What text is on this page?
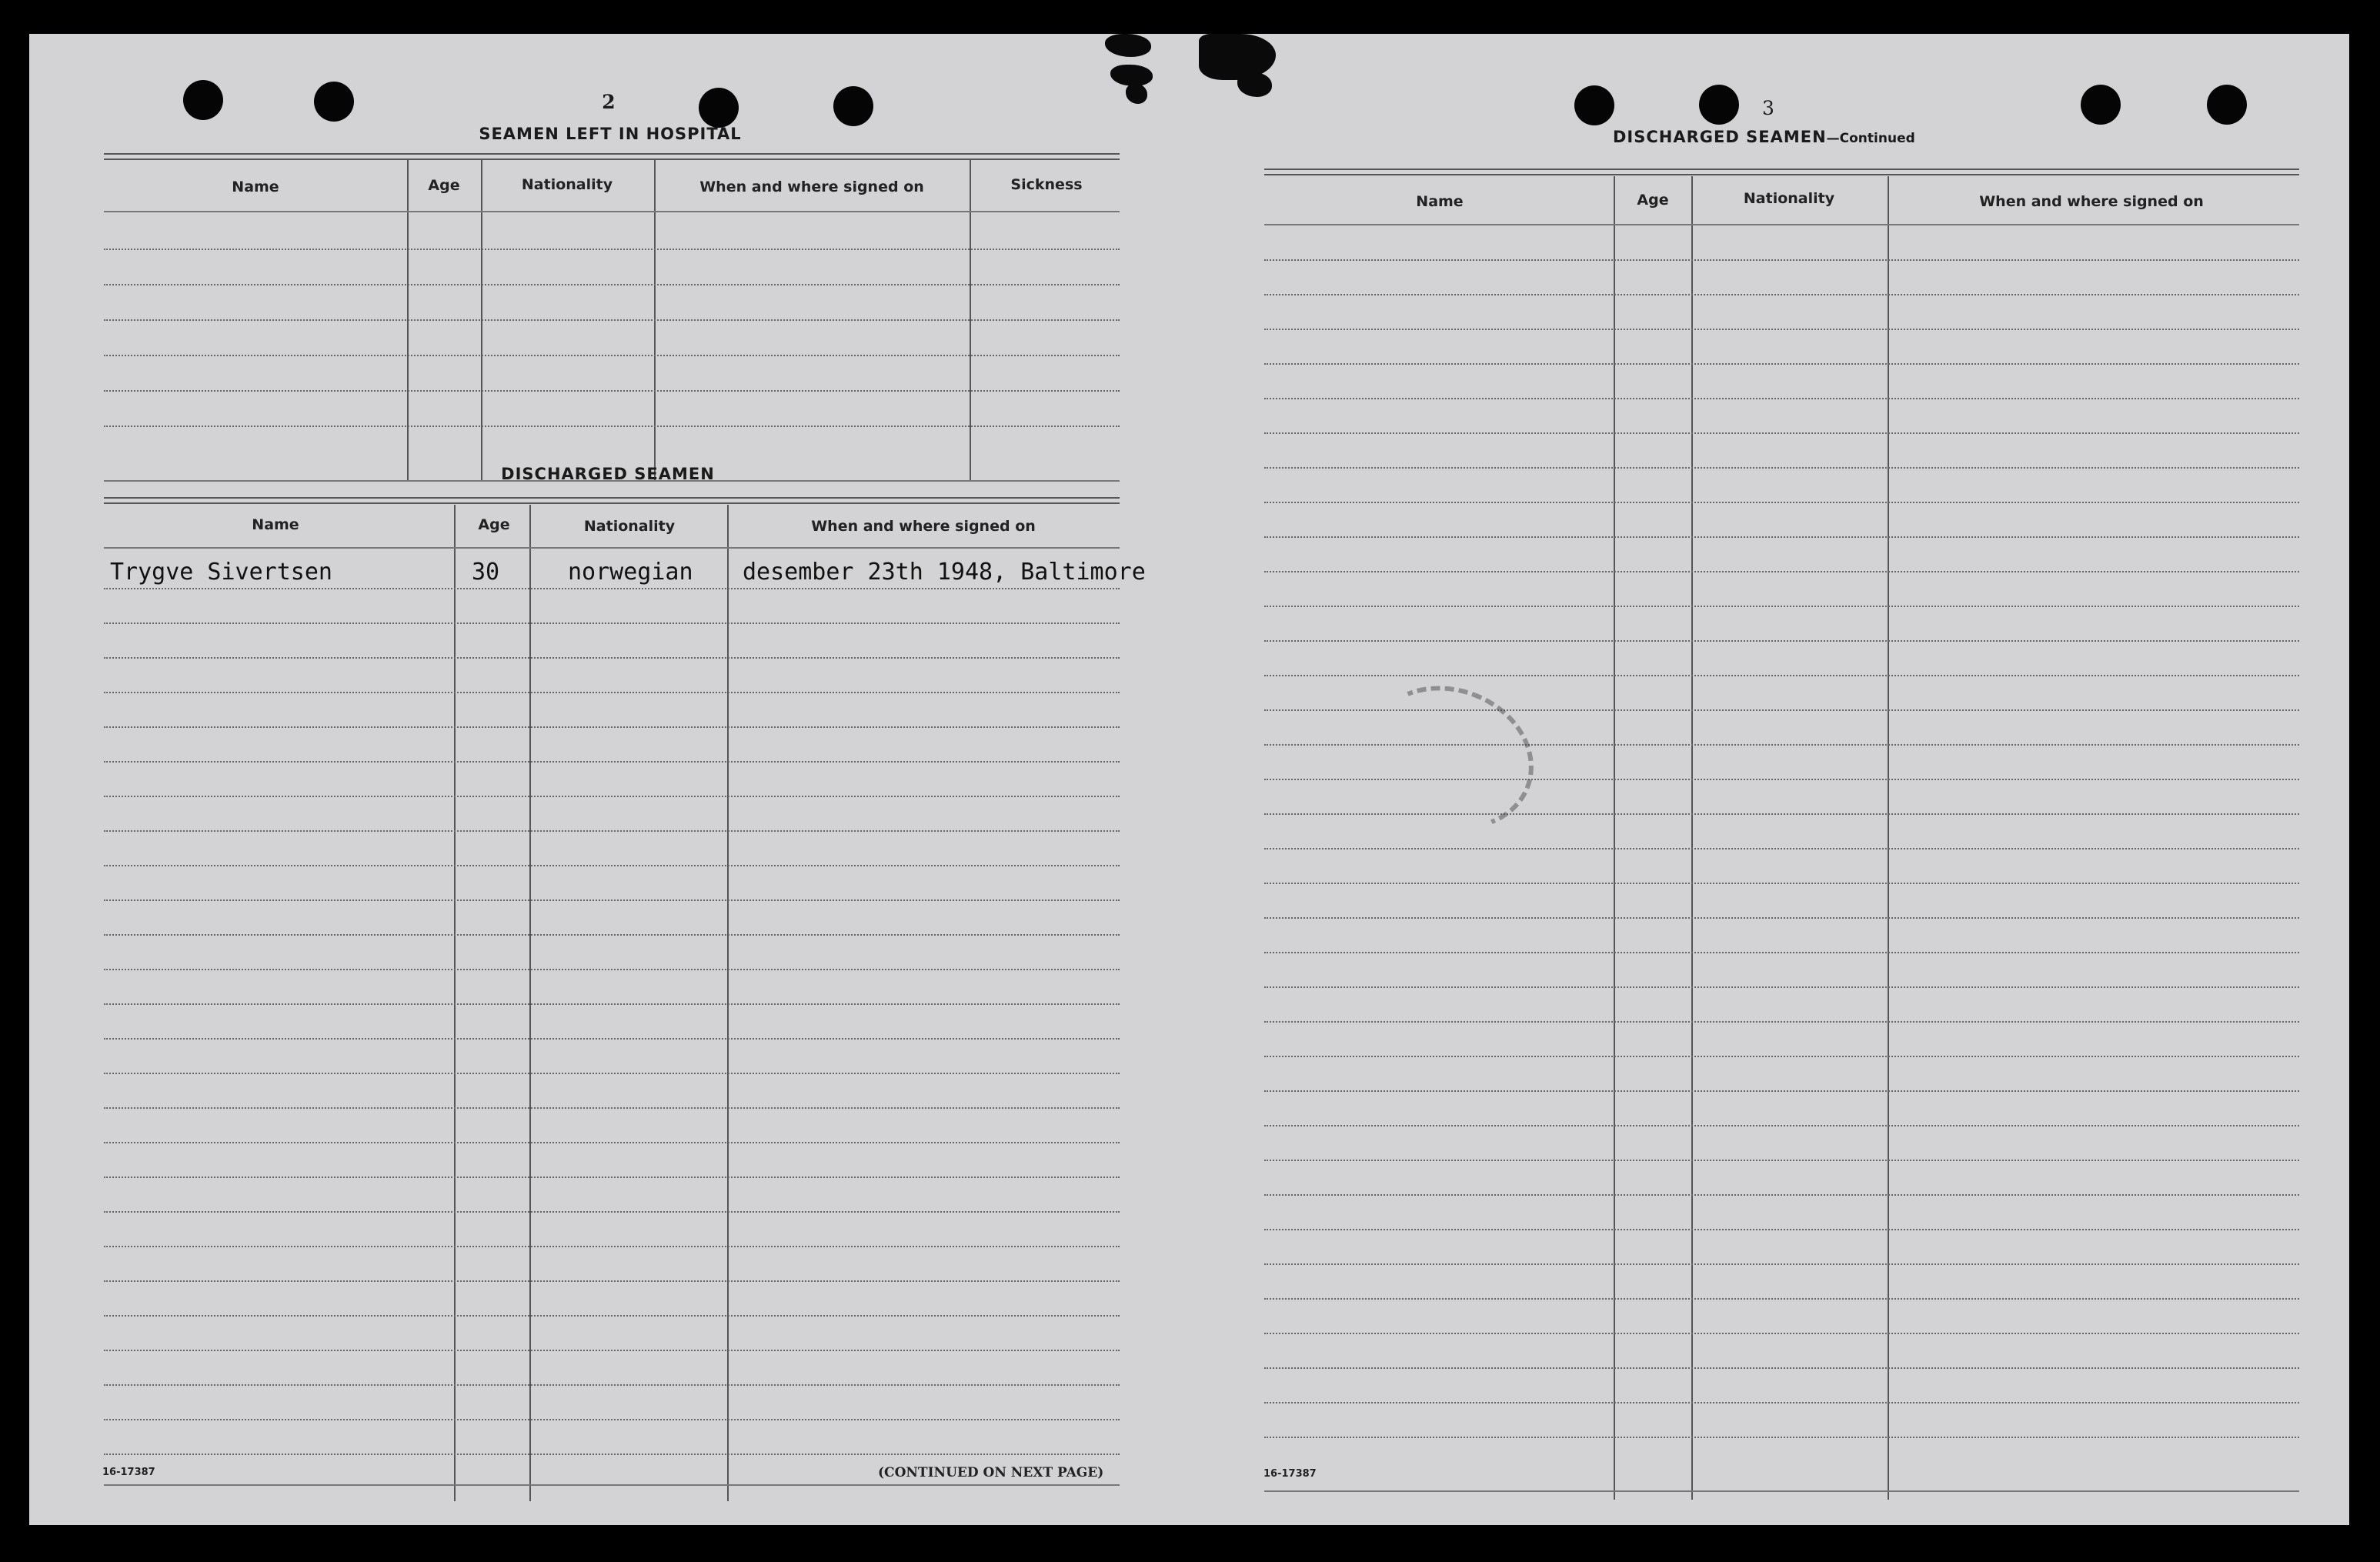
2
SEAMEN LEFT IN HOSPITAL
Name	Age	Nationality	When and where signed on	Sickness
DISCHARGED SEAMEN
Name	Age	Nationality	When and where signed on
Trygve Sivertsen	30	norwegian desember 23th 1948, Baltimore
16-17387	(CONTINUED ON NEXT PAGE)
3
DISCHARGED SEAMEN—Continued
Name	Age	Nationality	When and where signed on
16-17387
